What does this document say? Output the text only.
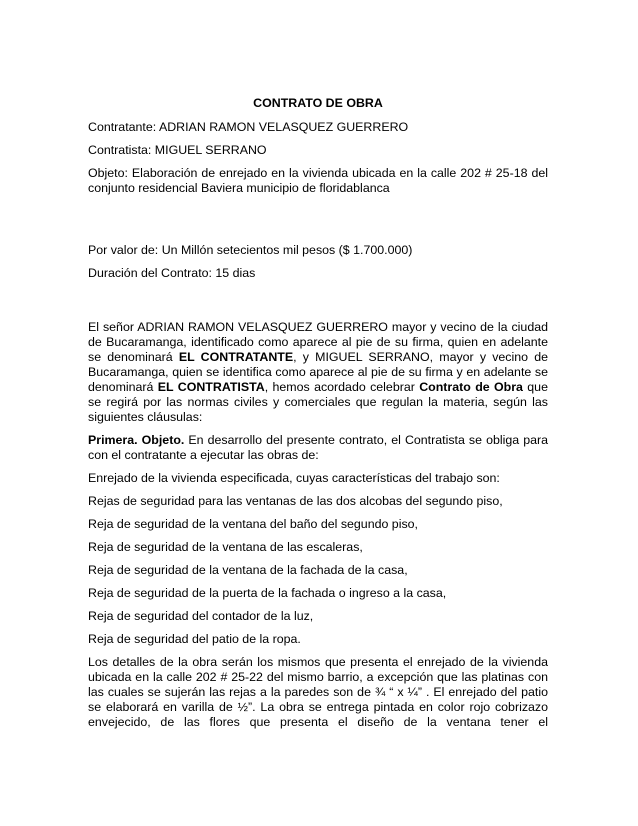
CONTRATO DE OBRA

Contratante: ADRIAN RAMON VELASQUEZ GUERRERO

Contratista: MIGUEL SERRANO

Objeto: Elaboración de enrejado en la vivienda ubicada en la calle 202 # 25-18 del conjunto residencial Baviera municipio de floridablanca

Por valor de: Un Millón setecientos mil pesos ($ 1.700.000)

Duración del Contrato: 15 dias

El señor ADRIAN RAMON VELASQUEZ GUERRERO mayor y vecino de la ciudad de Bucaramanga, identificado como aparece al pie de su firma, quien en adelante se denominará EL CONTRATANTE, y MIGUEL SERRANO, mayor y vecino de Bucaramanga, quien se identifica como aparece al pie de su firma y en adelante se denominará EL CONTRATISTA, hemos acordado celebrar Contrato de Obra que se regirá por las normas civiles y comerciales que regulan la materia, según las siguientes cláusulas:

Primera. Objeto. En desarrollo del presente contrato, el Contratista se obliga para con el contratante a ejecutar las obras de:

Enrejado de la vivienda especificada, cuyas características del trabajo son:

Rejas de seguridad para las ventanas de las dos alcobas del segundo piso,

Reja de seguridad de la ventana del baño del segundo piso,

Reja de seguridad de la ventana de las escaleras,

Reja de seguridad de la ventana de la fachada de la casa,

Reja de seguridad de la puerta de la fachada o ingreso a la casa,

Reja de seguridad del contador de la luz,

Reja de seguridad del patio de la ropa.

Los detalles de la obra serán los mismos que presenta el enrejado de la vivienda ubicada en la calle 202 # 25-22 del mismo barrio, a excepción que las platinas con las cuales se sujerán las rejas a la paredes son de ¾ “ x ¼” . El enrejado del patio se elaborará en varilla de ½”. La obra se entrega pintada en color rojo cobrizazo envejecido, de las flores que presenta el diseño de la ventana tener el
